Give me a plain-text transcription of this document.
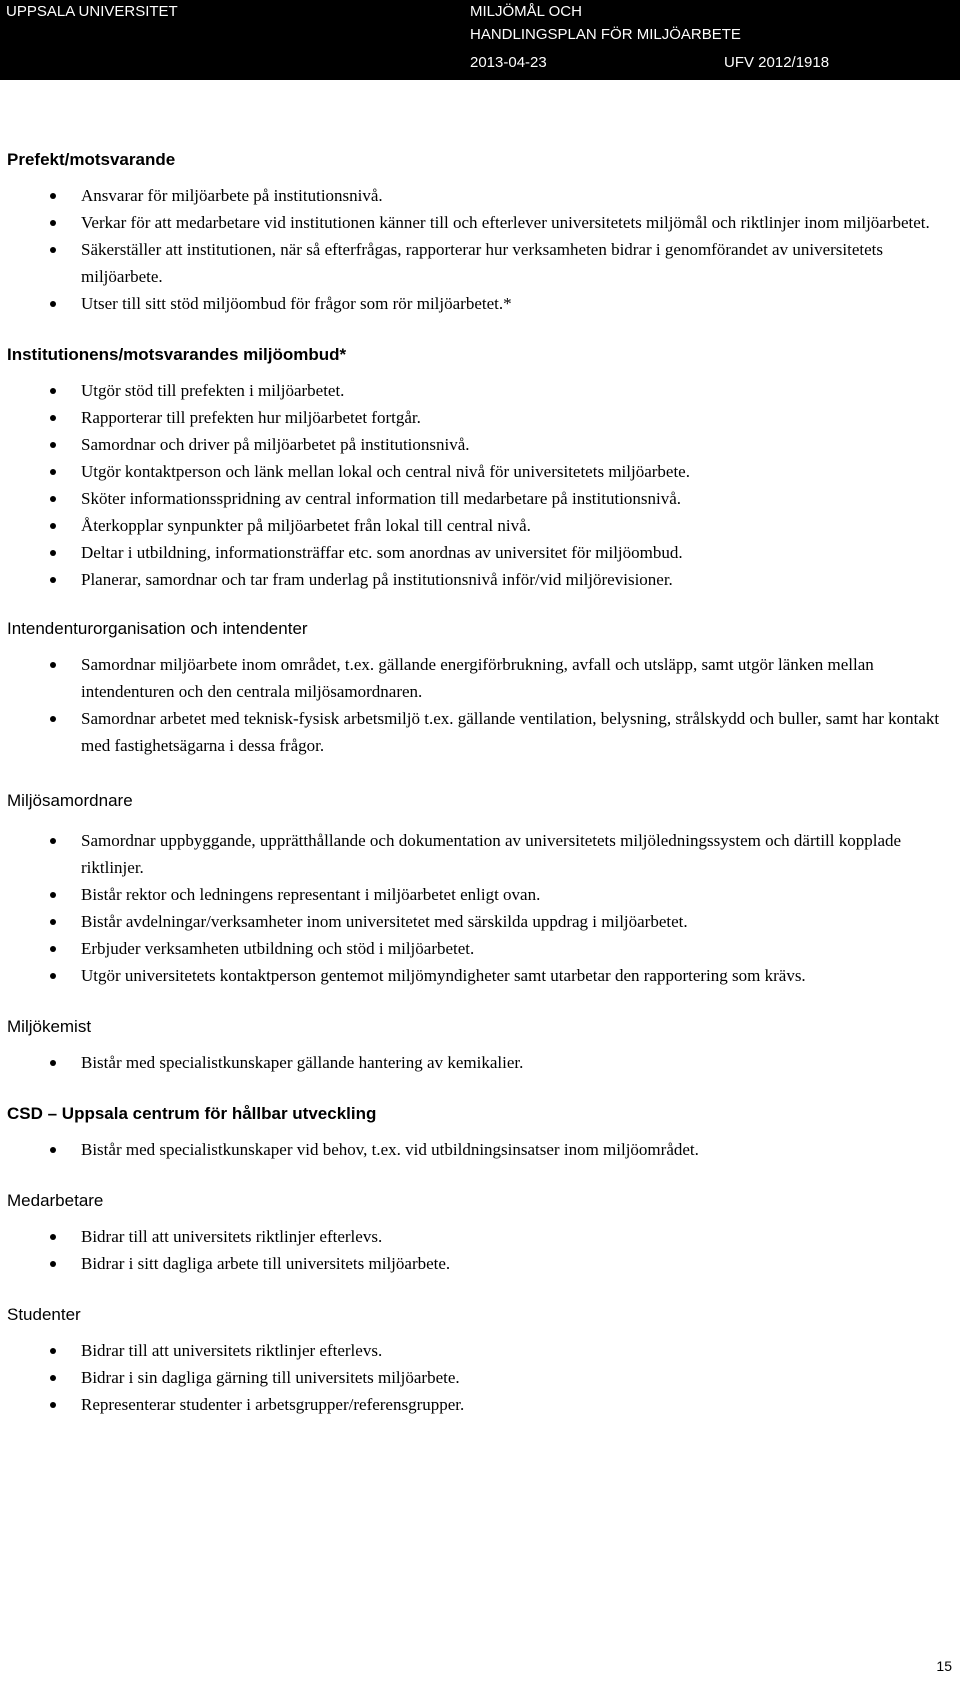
UPPSALA UNIVERSITET	MILJÖMÅL OCH
HANDLINGSPLAN FÖR MILJÖARBETE
2013-04-23	UFV 2012/1918
Prefekt/motsvarande
Ansvarar för miljöarbete på institutionsnivå.
Verkar för att medarbetare vid institutionen känner till och efterlever universitetets miljömål och riktlinjer inom miljöarbetet.
Säkerställer att institutionen, när så efterfrågas, rapporterar hur verksamheten bidrar i genomförandet av universitetets miljöarbete.
Utser till sitt stöd miljöombud för frågor som rör miljöarbetet.*
Institutionens/motsvarandes miljöombud*
Utgör stöd till prefekten i miljöarbetet.
Rapporterar till prefekten hur miljöarbetet fortgår.
Samordnar och driver på miljöarbetet på institutionsnivå.
Utgör kontaktperson och länk mellan lokal och central nivå för universitetets miljöarbete.
Sköter informationsspridning av central information till medarbetare på institutionsnivå.
Återkopplar synpunkter på miljöarbetet från lokal till central nivå.
Deltar i utbildning, informationsträffar etc. som anordnas av universitet för miljöombud.
Planerar, samordnar och tar fram underlag på institutionsnivå inför/vid miljörevisioner.
Intendenturorganisation och intendenter
Samordnar miljöarbete inom området, t.ex. gällande energiförbrukning, avfall och utsläpp, samt utgör länken mellan intendenturen och den centrala miljösamordnaren.
Samordnar arbetet med teknisk-fysisk arbetsmiljö t.ex. gällande ventilation, belysning, strålskydd och buller, samt har kontakt med fastighetsägarna i dessa frågor.
Miljösamordnare
Samordnar uppbyggande, upprätthållande och dokumentation av universitetets miljöledningssystem och därtill kopplade riktlinjer.
Bistår rektor och ledningens representant i miljöarbetet enligt ovan.
Bistår avdelningar/verksamheter inom universitetet med särskilda uppdrag i miljöarbetet.
Erbjuder verksamheten utbildning och stöd i miljöarbetet.
Utgör universitetets kontaktperson gentemot miljömyndigheter samt utarbetar den rapportering som krävs.
Miljökemist
Bistår med specialistkunskaper gällande hantering av kemikalier.
CSD – Uppsala centrum för hållbar utveckling
Bistår med specialistkunskaper vid behov, t.ex. vid utbildningsinsatser inom miljöområdet.
Medarbetare
Bidrar till att universitets riktlinjer efterlevs.
Bidrar i sitt dagliga arbete till universitets miljöarbete.
Studenter
Bidrar till att universitets riktlinjer efterlevs.
Bidrar i sin dagliga gärning till universitets miljöarbete.
Representerar studenter i arbetsgrupper/referensgrupper.
15
